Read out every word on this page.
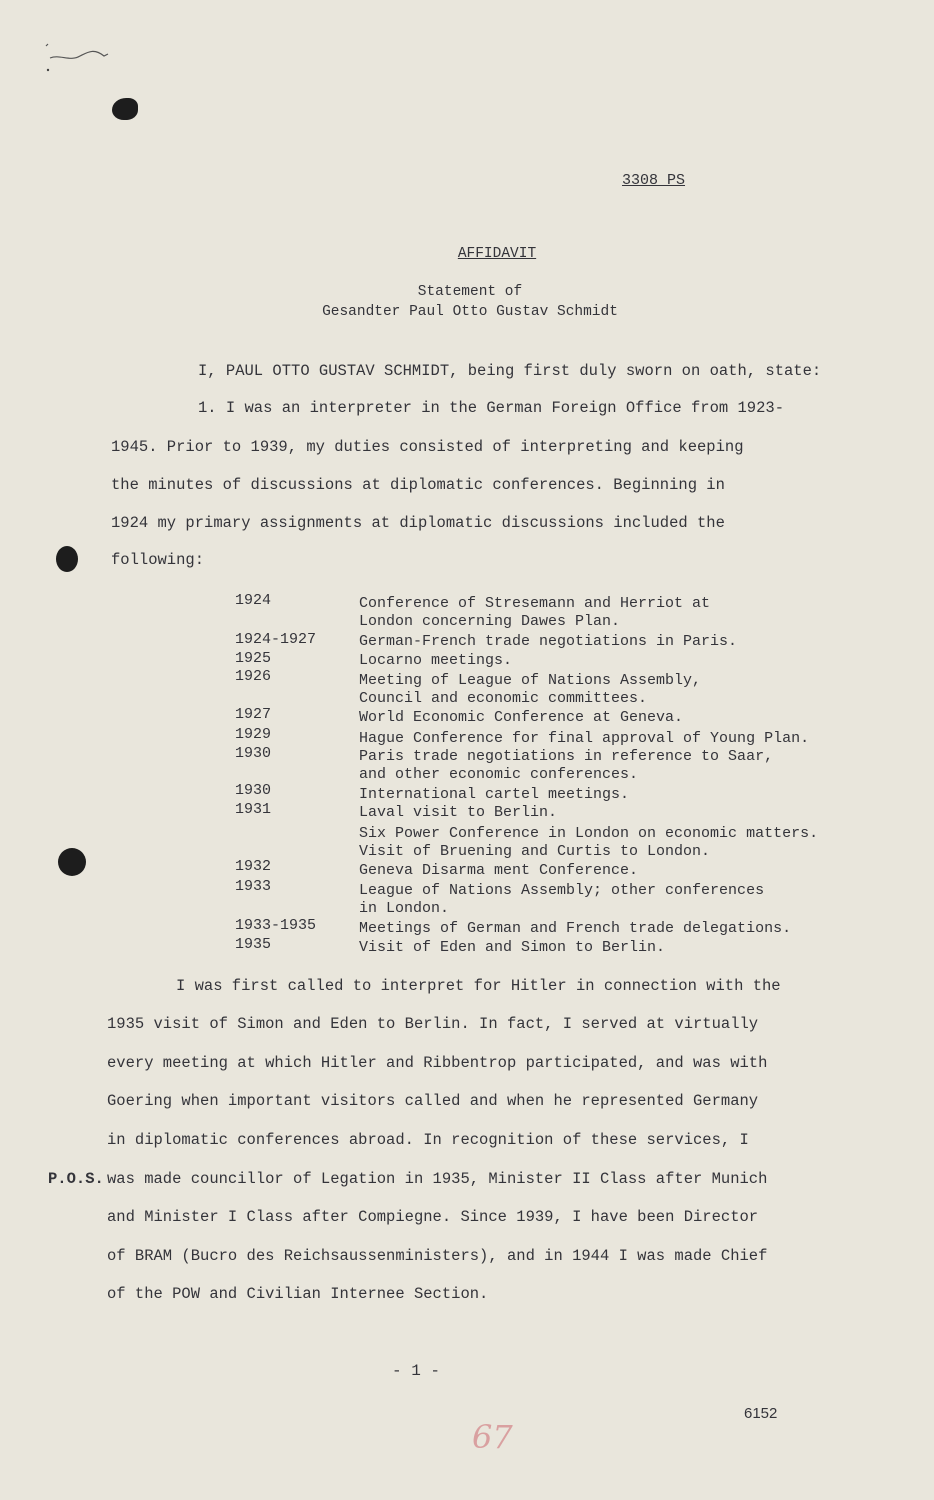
3308 PS
AFFIDAVIT
Statement of
Gesandter Paul Otto Gustav Schmidt
I, PAUL OTTO GUSTAV SCHMIDT, being first duly sworn on oath, state:
1. I was an interpreter in the German Foreign Office from 1923-
1945. Prior to 1939, my duties consisted of interpreting and keeping
the minutes of discussions at diplomatic conferences. Beginning in
1924 my primary assignments at diplomatic discussions included the
following:
1924	Conference of Stresemann and Herriot at
London concerning Dawes Plan.
1924-1927	German-French trade negotiations in Paris.
1925	Locarno meetings.
1926	Meeting of League of Nations Assembly,
Council and economic committees.
1927	World Economic Conference at Geneva.
1929	Hague Conference for final approval of Young Plan.
1930	Paris trade negotiations in reference to Saar,
and other economic conferences.
1930	International cartel meetings.
1931	Laval visit to Berlin.
Six Power Conference in London on economic matters.
Visit of Bruening and Curtis to London.
1932	Geneva Disarma ment Conference.
1933	League of Nations Assembly; other conferences
in London.
1933-1935	Meetings of German and French trade delegations.
1935	Visit of Eden and Simon to Berlin.
I was first called to interpret for Hitler in connection with the
1935 visit of Simon and Eden to Berlin. In fact, I served at virtually
every meeting at which Hitler and Ribbentrop participated, and was with
Goering when important visitors called and when he represented Germany
in diplomatic conferences abroad. In recognition of these services, I
P.O.S. was made councillor of Legation in 1935, Minister II Class after Munich
and Minister I Class after Compiegne. Since 1939, I have been Director
of BRAM (Bucro des Reichsaussenministers), and in 1944 I was made Chief
of the POW and Civilian Internee Section.
- 1 -
6152
67
